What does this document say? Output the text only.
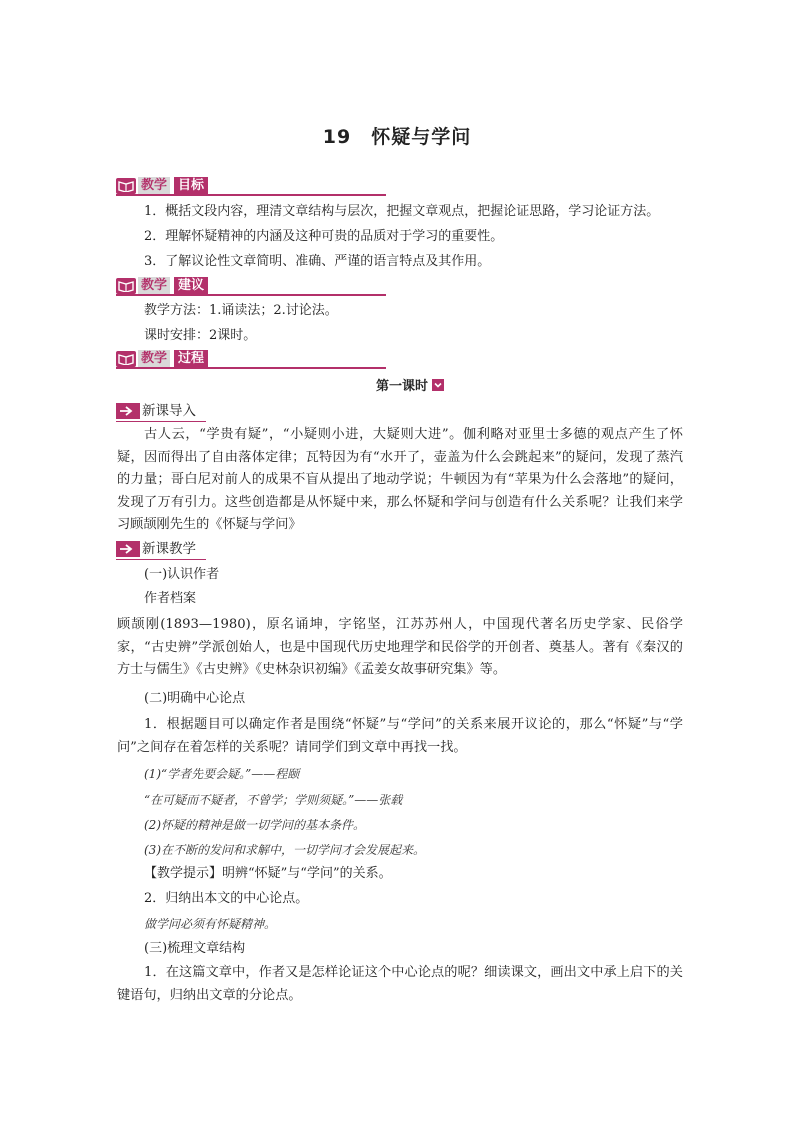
19　怀疑与学问
教学 目标
1．概括文段内容，理清文章结构与层次，把握文章观点，把握论证思路，学习论证方法。
2．理解怀疑精神的内涵及这种可贵的品质对于学习的重要性。
3．了解议论性文章简明、准确、严谨的语言特点及其作用。
教学 建议
教学方法：1.诵读法；2.讨论法。
课时安排：2课时。
教学 过程
第一课时
新课导入
古人云，“学贵有疑”，“小疑则小进，大疑则大进”。伽利略对亚里士多德的观点产生了怀疑，因而得出了自由落体定律；瓦特因为有“水开了，壶盖为什么会跳起来”的疑问，发现了蒸汽的力量；哥白尼对前人的成果不盲从提出了地动学说；牛顿因为有“苹果为什么会落地”的疑问，发现了万有引力。这些创造都是从怀疑中来，那么怀疑和学问与创造有什么关系呢？让我们来学习顾颉刚先生的《怀疑与学问》
新课教学
(一)认识作者
作者档案
顾颉刚(1893—1980)，原名诵坤，字铭坚，江苏苏州人，中国现代著名历史学家、民俗学家，“古史辨”学派创始人，也是中国现代历史地理学和民俗学的开创者、奠基人。著有《秦汉的方士与儒生》《古史辨》《史林杂识初编》《孟姜女故事研究集》等。
(二)明确中心论点
1．根据题目可以确定作者是围绕“怀疑”与“学问”的关系来展开议论的，那么“怀疑”与“学问”之间存在着怎样的关系呢？请同学们到文章中再找一找。
(1)“学者先要会疑。”——程颐
“在可疑而不疑者，不曾学；学则须疑。”——张载
(2)怀疑的精神是做一切学问的基本条件。
(3)在不断的发问和求解中，一切学问才会发展起来。
【教学提示】明辨“怀疑”与“学问”的关系。
2．归纳出本文的中心论点。
做学问必须有怀疑精神。
(三)梳理文章结构
1．在这篇文章中，作者又是怎样论证这个中心论点的呢？细读课文，画出文中承上启下的关键语句，归纳出文章的分论点。
